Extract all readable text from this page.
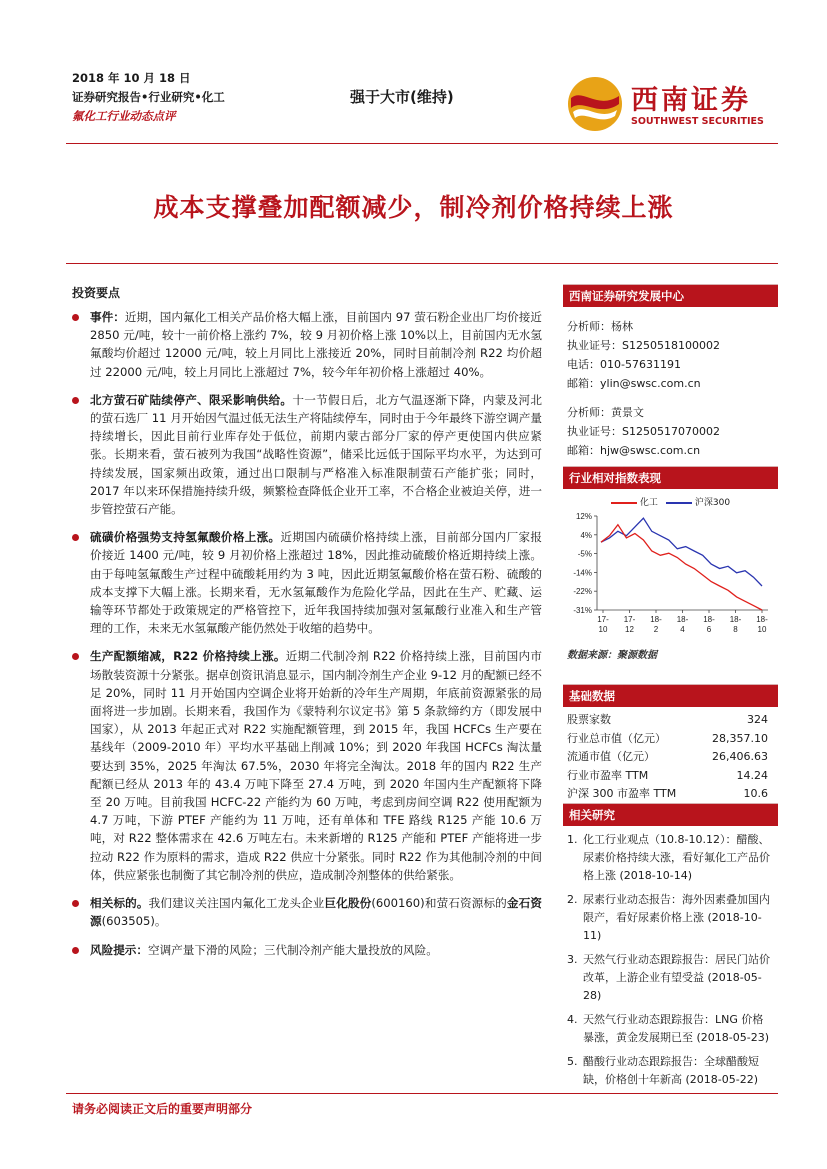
2018 年 10 月 18 日
证券研究报告•行业研究•化工
氟化工行业动态点评
强于大市(维持)	西南证券
SOUTHWEST SECURITIES
成本支撑叠加配额减少，制冷剂价格持续上涨
投资要点

事件：近期，国内氟化工相关产品价格大幅上涨，目前国内 97 萤石粉企业出厂均价接近 2850 元/吨，较十一前价格上涨约 7%，较 9 月初价格上涨 10%以上，目前国内无水氢氟酸均价超过 12000 元/吨，较上月同比上涨接近 20%，同时目前制冷剂 R22 均价超过 22000 元/吨，较上月同比上涨超过 7%，较今年年初价格上涨超过 40%。

北方萤石矿陆续停产、限采影响供给。十一节假日后，北方气温逐渐下降，内蒙及河北的萤石选厂 11 月开始因气温过低无法生产将陆续停车，同时由于今年最终下游空调产量持续增长，因此目前行业库存处于低位，前期内蒙古部分厂家的停产更使国内供应紧张。长期来看，萤石被列为我国“战略性资源”，储采比远低于国际平均水平，为达到可持续发展，国家频出政策，通过出口限制与严格准入标准限制萤石产能扩张；同时，2017 年以来环保措施持续升级，频繁检查降低企业开工率，不合格企业被迫关停，进一步管控萤石产能。

硫磺价格强势支持氢氟酸价格上涨。近期国内硫磺价格持续上涨，目前部分国内厂家报价接近 1400 元/吨，较 9 月初价格上涨超过 18%，因此推动硫酸价格近期持续上涨。由于每吨氢氟酸生产过程中硫酸耗用约为 3 吨，因此近期氢氟酸价格在萤石粉、硫酸的成本支撑下大幅上涨。长期来看，无水氢氟酸作为危险化学品，因此在生产、贮藏、运输等环节都处于政策规定的严格管控下，近年我国持续加强对氢氟酸行业准入和生产管理的工作，未来无水氢氟酸产能仍然处于收缩的趋势中。

生产配额缩减，R22 价格持续上涨。近期二代制冷剂 R22 价格持续上涨，目前国内市场散装资源十分紧张。据卓创资讯消息显示，国内制冷剂生产企业 9-12 月的配额已经不足 20%，同时 11 月开始国内空调企业将开始新的冷年生产周期，年底前资源紧张的局面将进一步加剧。长期来看，我国作为《蒙特利尔议定书》第 5 条款缔约方（即发展中国家），从 2013 年起正式对 R22 实施配额管理，到 2015 年，我国 HCFCs 生产要在基线年（2009-2010 年）平均水平基础上削减 10%；到 2020 年我国 HCFCs 淘汰量要达到 35%，2025 年淘汰 67.5%，2030 年将完全淘汰。2018 年的国内 R22 生产配额已经从 2013 年的 43.4 万吨下降至 27.4 万吨，到 2020 年国内生产配额将下降至 20 万吨。目前我国 HCFC-22 产能约为 60 万吨，考虑到房间空调 R22 使用配额为 4.7 万吨，下游 PTEF 产能约为 11 万吨，还有单体和 TFE 路线 R125 产能 10.6 万吨，对 R22 整体需求在 42.6 万吨左右。未来新增的 R125 产能和 PTEF 产能将进一步拉动 R22 作为原料的需求，造成 R22 供应十分紧张。同时 R22 作为其他制冷剂的中间体，供应紧张也制衡了其它制冷剂的供应，造成制冷剂整体的供给紧张。

相关标的。我们建议关注国内氟化工龙头企业巨化股份(600160)和萤石资源标的金石资源(603505)。

风险提示：空调产量下滑的风险；三代制冷剂产能大量投放的风险。

西南证券研究发展中心
分析师：杨林
执业证号：S1250518100002
电话：010-57631191
邮箱：ylin@swsc.com.cn
分析师：黄景文
执业证号：S1250517070002
邮箱：hjw@swsc.com.cn
行业相对指数表现
化工	沪深300
12%
4%
-5%
-14%
-22%
-31%
17-
10
17-
12
18-
2
18-
4
18-
6
18-
8
18-
10
数据来源：聚源数据
基础数据
股票家数	324
行业总市值（亿元）	28,357.10
流通市值（亿元）	26,406.63
行业市盈率 TTM	14.24
沪深 300 市盈率 TTM	10.6
相关研究
1. 化工行业观点（10.8-10.12）：醋酸、尿素价格持续大涨，看好氟化工产品价格上涨 (2018-10-14)
2. 尿素行业动态报告：海外因素叠加国内限产，看好尿素价格上涨 (2018-10-11)
3. 天然气行业动态跟踪报告：居民门站价改革，上游企业有望受益 (2018-05-28)
4. 天然气行业动态跟踪报告：LNG 价格暴涨，黄金发展期已至 (2018-05-23)
5. 醋酸行业动态跟踪报告：全球醋酸短缺，价格创十年新高 (2018-05-22)
请务必阅读正文后的重要声明部分
